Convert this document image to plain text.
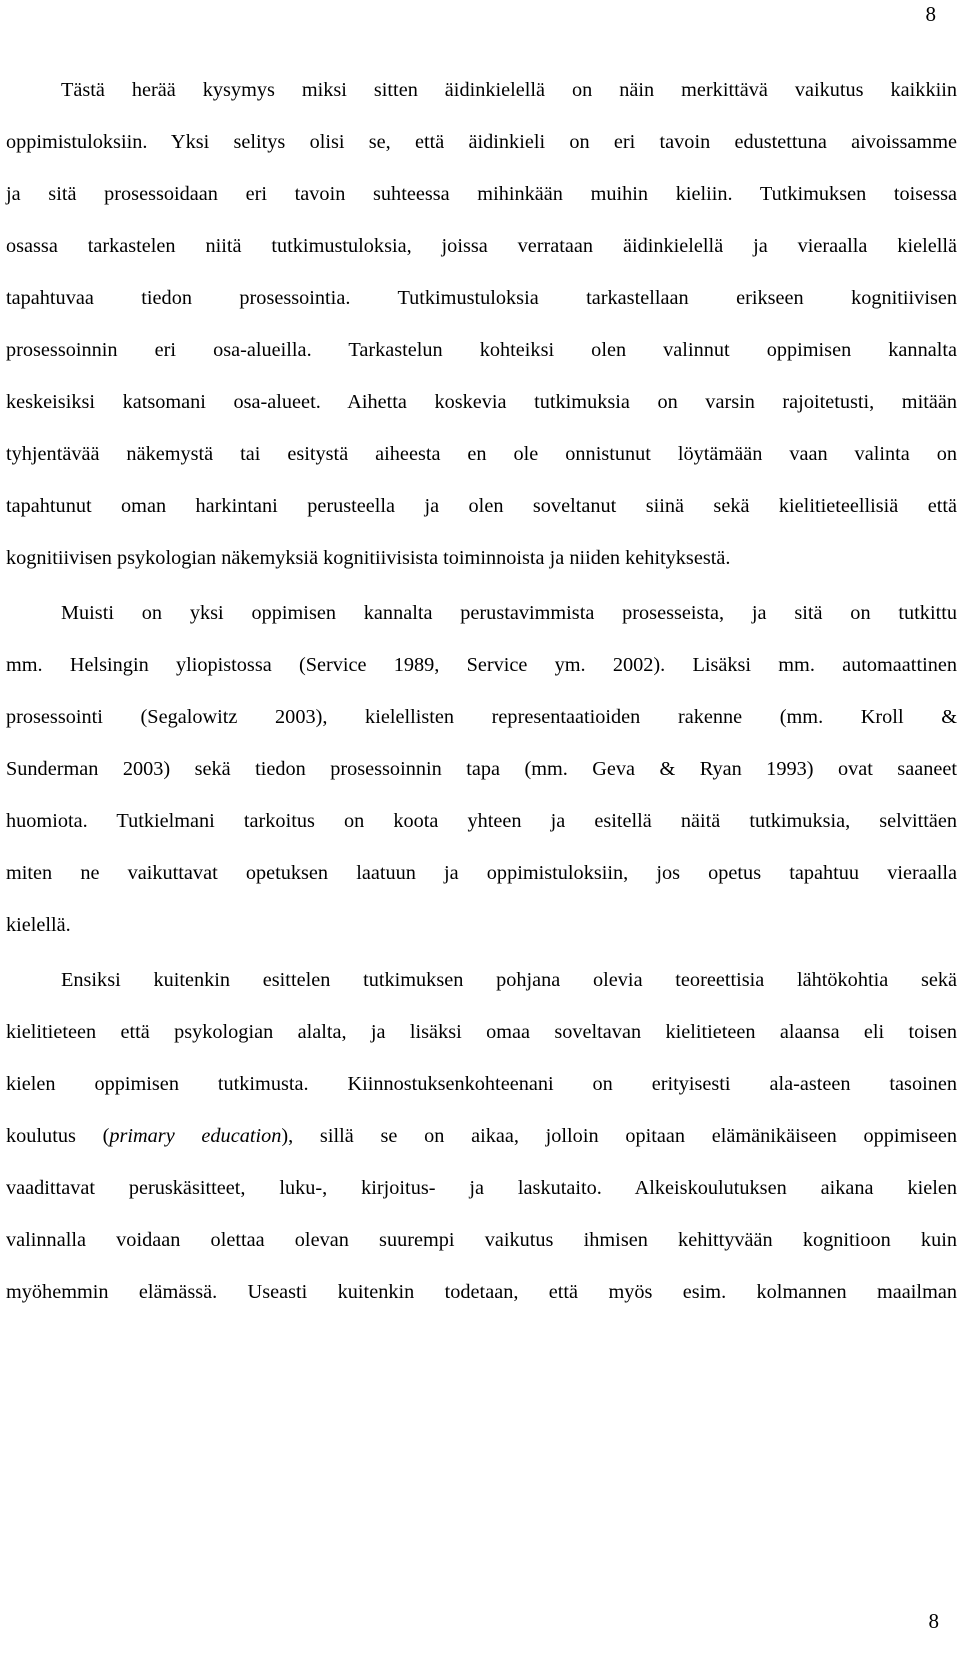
8
Tästä herää kysymys miksi sitten äidinkielellä on näin merkittävä vaikutus kaikkiin
oppimistuloksiin. Yksi selitys olisi se, että äidinkieli on eri tavoin edustettuna aivoissamme
ja sitä prosessoidaan eri tavoin suhteessa mihinkään muihin kieliin. Tutkimuksen toisessa
osassa tarkastelen niitä tutkimustuloksia, joissa verrataan äidinkielellä ja vieraalla kielellä
tapahtuvaa tiedon prosessointia. Tutkimustuloksia tarkastellaan erikseen kognitiivisen
prosessoinnin eri osa-alueilla. Tarkastelun kohteiksi olen valinnut oppimisen kannalta
keskeisiksi katsomani osa-alueet. Aihetta koskevia tutkimuksia on varsin rajoitetusti, mitään
tyhjentävää näkemystä tai esitystä aiheesta en ole onnistunut löytämään vaan valinta on
tapahtunut oman harkintani perusteella ja olen soveltanut siinä sekä kielitieteellisiä että
kognitiivisen psykologian näkemyksiä kognitiivisista toiminnoista ja niiden kehityksestä.
Muisti on yksi oppimisen kannalta perustavimmista prosesseista, ja sitä on tutkittu
mm. Helsingin yliopistossa (Service 1989, Service ym. 2002). Lisäksi mm. automaattinen
prosessointi (Segalowitz 2003), kielellisten representaatioiden rakenne (mm. Kroll &
Sunderman 2003) sekä tiedon prosessoinnin tapa (mm. Geva & Ryan 1993) ovat saaneet
huomiota. Tutkielmani tarkoitus on koota yhteen ja esitellä näitä tutkimuksia, selvittäen
miten ne vaikuttavat opetuksen laatuun ja oppimistuloksiin, jos opetus tapahtuu vieraalla
kielellä.
Ensiksi kuitenkin esittelen tutkimuksen pohjana olevia teoreettisia lähtökohtia sekä
kielitieteen että psykologian alalta, ja lisäksi omaa soveltavan kielitieteen alaansa eli toisen
kielen oppimisen tutkimusta. Kiinnostuksenkohteenani on erityisesti ala-asteen tasoinen
koulutus (primary education), sillä se on aikaa, jolloin opitaan elämänikäiseen oppimiseen
vaadittavat peruskäsitteet, luku-, kirjoitus- ja laskutaito. Alkeiskoulutuksen aikana kielen
valinnalla voidaan olettaa olevan suurempi vaikutus ihmisen kehittyvään kognitioon kuin
myöhemmin elämässä. Useasti kuitenkin todetaan, että myös esim. kolmannen maailman
8
